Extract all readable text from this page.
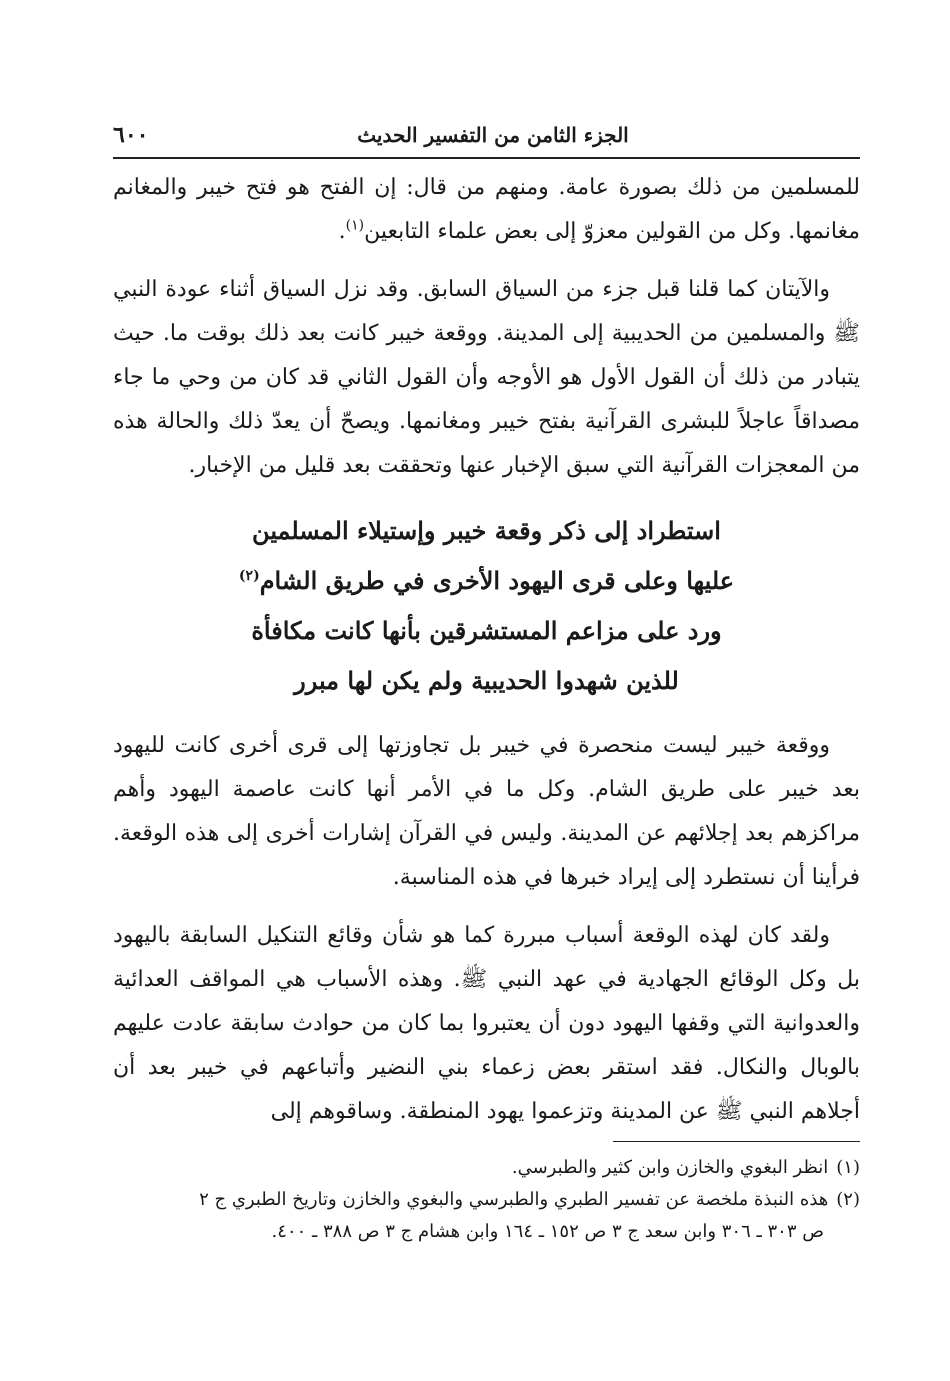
الجزء الثامن من التفسير الحديث
٦٠٠

للمسلمين من ذلك بصورة عامة. ومنهم من قال: إن الفتح هو فتح خيبر والمغانم مغانمها. وكل من القولين معزوّ إلى بعض علماء التابعين$^{(١)}$.

والآيتان كما قلنا قبل جزء من السياق السابق. وقد نزل السياق أثناء عودة النبي ﷺ والمسلمين من الحديبية إلى المدينة. ووقعة خيبر كانت بعد ذلك بوقت ما. حيث يتبادر من ذلك أن القول الأول هو الأوجه وأن القول الثاني قد كان من وحي ما جاء مصداقاً عاجلاً للبشرى القرآنية بفتح خيبر ومغانمها. ويصحّ أن يعدّ ذلك والحالة هذه من المعجزات القرآنية التي سبق الإخبار عنها وتحققت بعد قليل من الإخبار.

استطراد إلى ذكر وقعة خيبر وإستيلاء المسلمين
عليها وعلى قرى اليهود الأخرى في طريق الشام$^{(٢)}$
ورد على مزاعم المستشرقين بأنها كانت مكافأة
للذين شهدوا الحديبية ولم يكن لها مبرر

ووقعة خيبر ليست منحصرة في خيبر بل تجاوزتها إلى قرى أخرى كانت لليهود بعد خيبر على طريق الشام. وكل ما في الأمر أنها كانت عاصمة اليهود وأهم مراكزهم بعد إجلائهم عن المدينة. وليس في القرآن إشارات أخرى إلى هذه الوقعة. فرأينا أن نستطرد إلى إيراد خبرها في هذه المناسبة.

ولقد كان لهذه الوقعة أسباب مبررة كما هو شأن وقائع التنكيل السابقة باليهود بل وكل الوقائع الجهادية في عهد النبي ﷺ. وهذه الأسباب هي المواقف العدائية والعدوانية التي وقفها اليهود دون أن يعتبروا بما كان من حوادث سابقة عادت عليهم بالوبال والنكال. فقد استقر بعض زعماء بني النضير وأتباعهم في خيبر بعد أن أجلاهم النبي ﷺ عن المدينة وتزعموا يهود المنطقة. وساقوهم إلى

(١)انظر البغوي والخازن وابن كثير والطبرسي.

(٢)هذه النبذة ملخصة عن تفسير الطبري والطبرسي والبغوي والخازن وتاريخ الطبري ج ٢

ص ٣٠٣ ـ ٣٠٦ وابن سعد ج ٣ ص ١٥٢ ـ ١٦٤ وابن هشام ج ٣ ص ٣٨٨ ـ ٤٠٠.
